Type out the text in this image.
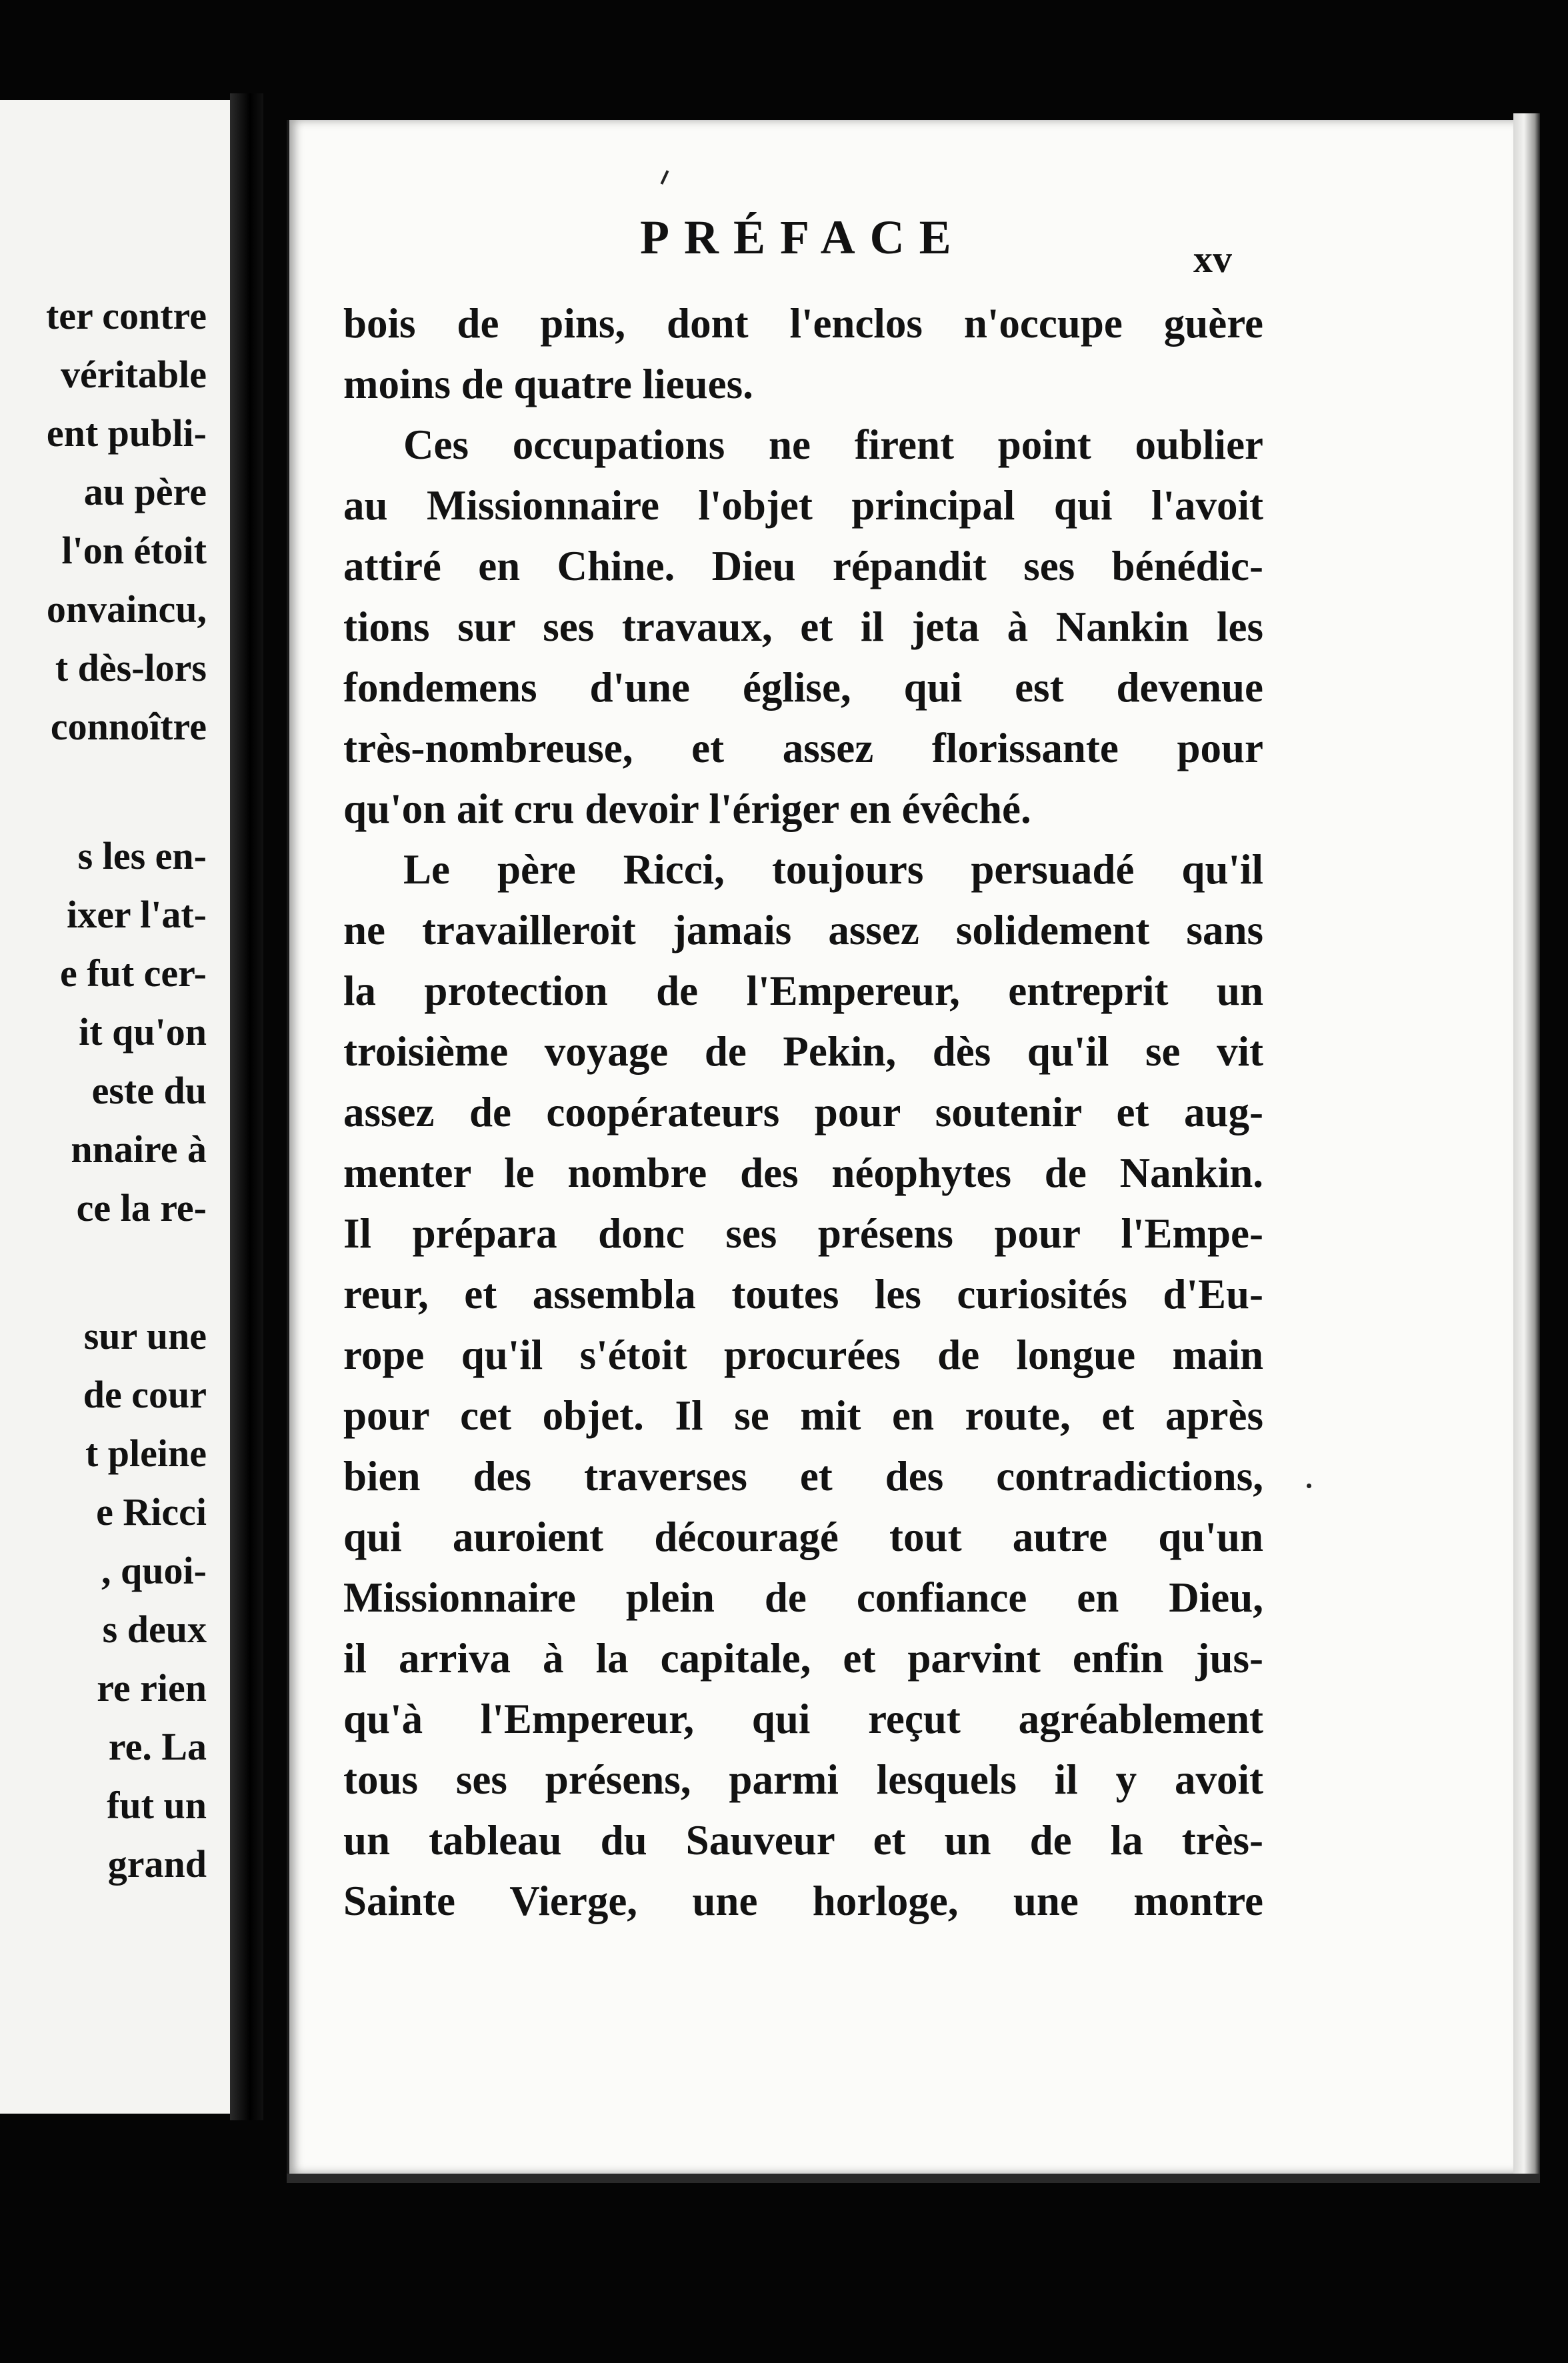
ter contre
véritable
ent publi-
au père
l'on étoit
onvaincu,
t dès-lors
connoître
s les en-
ixer l'at-
e fut cer-
it qu'on
este du
nnaire à
ce la re-
sur une
de cour
t pleine
e Ricci
, quoi-
s deux
re rien
re. La
fut un
grand
PRÉFACE	xv
bois de pins, dont l'enclos n'occupe guère
moins de quatre lieues.
Ces occupations ne firent point oublier
au Missionnaire l'objet principal qui l'avoit
attiré en Chine. Dieu répandit ses bénédic-
tions sur ses travaux, et il jeta à Nankin les
fondemens d'une église, qui est devenue
très-nombreuse, et assez florissante pour
qu'on ait cru devoir l'ériger en évêché.
Le père Ricci, toujours persuadé qu'il
ne travailleroit jamais assez solidement sans
la protection de l'Empereur, entreprit un
troisième voyage de Pekin, dès qu'il se vit
assez de coopérateurs pour soutenir et aug-
menter le nombre des néophytes de Nankin.
Il prépara donc ses présens pour l'Empe-
reur, et assembla toutes les curiosités d'Eu-
rope qu'il s'étoit procurées de longue main
pour cet objet. Il se mit en route, et après
bien des traverses et des contradictions,
qui auroient découragé tout autre qu'un
Missionnaire plein de confiance en Dieu,
il arriva à la capitale, et parvint enfin jus-
qu'à l'Empereur, qui reçut agréablement
tous ses présens, parmi lesquels il y avoit
un tableau du Sauveur et un de la très-
Sainte Vierge, une horloge, une montre
